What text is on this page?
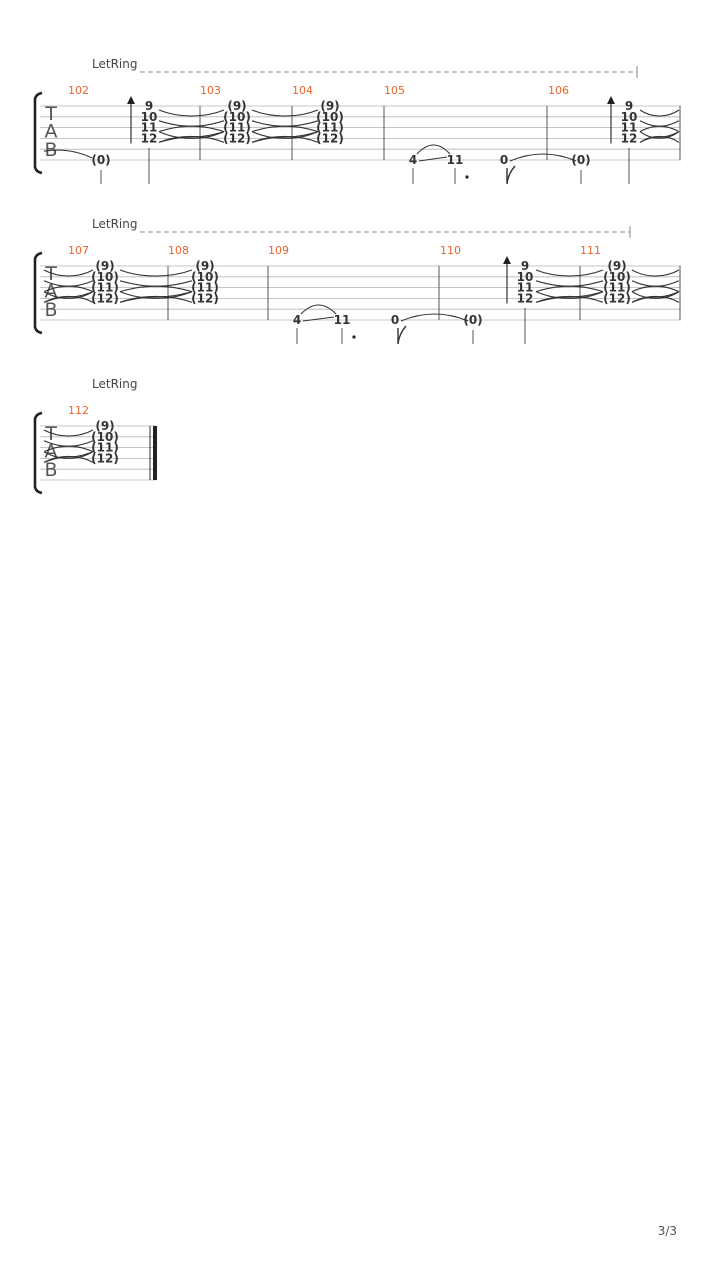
LetRing
T
A
B
102	103	104	105	106
(0)
9
10
11
12
(9)
(10)
(11)
(12)
(9)
(10)
(11)
(12)
4 11	0	(0)
9
10
11
12
LetRing
T
A
B
107	108	109	110	111
(9)
(10)
(11)
(12)
(9)
(10)
(11)
(12)
4	11	0	(0)
9
10
11
12
(9)
(10)
(11)
(12)
LetRing
T
A
B
112
(9)
(10)
(11)
(12)
3/3
